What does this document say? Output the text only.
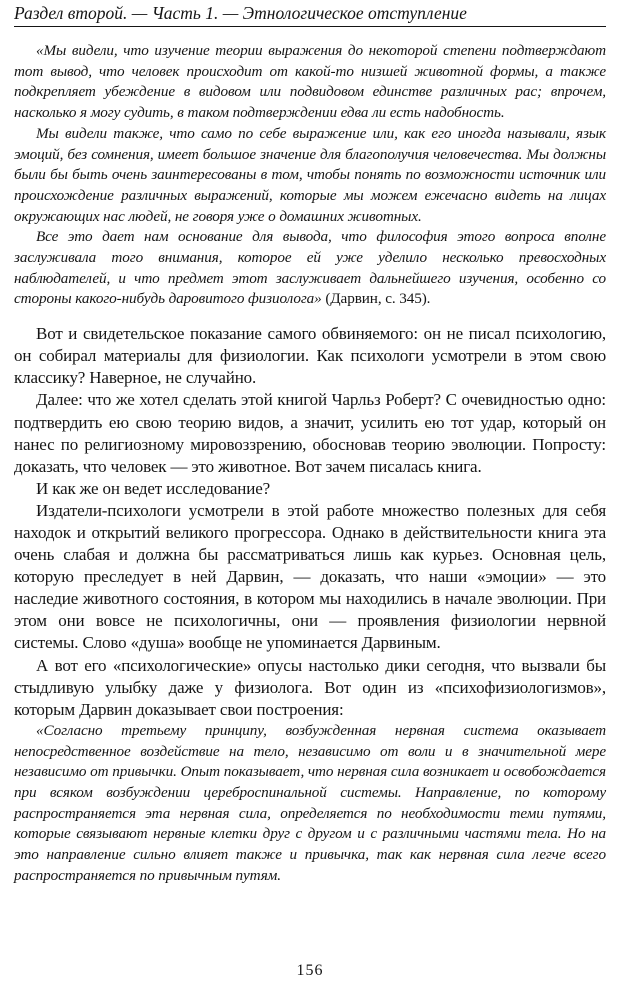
Раздел второй. — Часть 1. — Этнологическое отступление

«Мы видели, что изучение теории выражения до некоторой степени подтверждают тот вывод, что человек происходит от какой-то низшей животной формы, а также подкрепляет убеждение в видовом или подвидовом единстве различных рас; впрочем, насколько я могу судить, в таком подтверждении едва ли есть надобность.

Мы видели также, что само по себе выражение или, как его иногда называли, язык эмоций, без сомнения, имеет большое значение для благополучия человечества. Мы должны были бы быть очень заинтересованы в том, чтобы понять по возможности источник или происхождение различных выражений, которые мы можем ежечасно видеть на лицах окружающих нас людей, не говоря уже о домашних животных.

Все это дает нам основание для вывода, что философия этого вопроса вполне заслуживала того внимания, которое ей уже уделило несколько превосходных наблюдателей, и что предмет этот заслуживает дальнейшего изучения, особенно со стороны какого-нибудь даровитого физиолога» (Дарвин, с. 345).

Вот и свидетельское показание самого обвиняемого: он не писал психологию, он собирал материалы для физиологии. Как психологи усмотрели в этом свою классику? Наверное, не случайно.

Далее: что же хотел сделать этой книгой Чарльз Роберт? С очевидностью одно: подтвердить ею свою теорию видов, а значит, усилить ею тот удар, который он нанес по религиозному мировоззрению, обосновав теорию эволюции. Попросту: доказать, что человек — это животное. Вот зачем писалась книга.

И как же он ведет исследование?

Издатели-психологи усмотрели в этой работе множество полезных для себя находок и открытий великого прогрессора. Однако в действительности книга эта очень слабая и должна бы рассматриваться лишь как курьез. Основная цель, которую преследует в ней Дарвин, — доказать, что наши «эмоции» — это наследие животного состояния, в котором мы находились в начале эволюции. При этом они вовсе не психологичны, они — проявления физиологии нервной системы. Слово «душа» вообще не упоминается Дарвиным.

А вот его «психологические» опусы настолько дики сегодня, что вызвали бы стыдливую улыбку даже у физиолога. Вот один из «психофизиологизмов», которым Дарвин доказывает свои построения:

«Согласно третьему принципу, возбужденная нервная система оказывает непосредственное воздействие на тело, независимо от воли и в значительной мере независимо от привычки. Опыт показывает, что нервная сила возникает и освобождается при всяком возбуждении цереброспинальной системы. Направление, по которому распространяется эта нервная сила, определяется по необходимости теми путями, которые связывают нервные клетки друг с другом и с различными частями тела. Но на это направление сильно влияет также и привычка, так как нервная сила легче всего распространяется по привычным путям.

156
